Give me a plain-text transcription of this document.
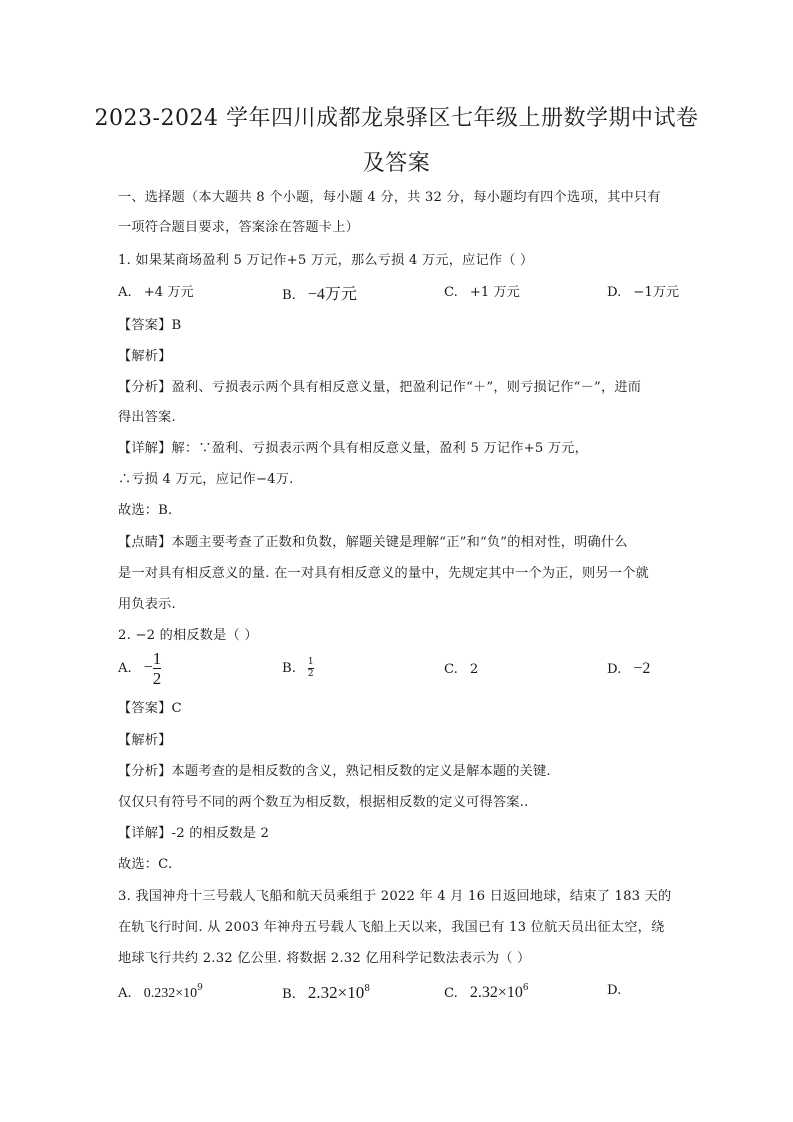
2023-2024 学年四川成都龙泉驿区七年级上册数学期中试卷
及答案
一、选择题（本大题共 8 个小题，每小题 4 分，共 32 分，每小题均有四个选项，其中只有
一项符合题目要求，答案涂在答题卡上）
1. 如果某商场盈利 5 万记作+5 万元，那么亏损 4 万元，应记作（ ）
A. +4 万元	B. −4万元	C. +1 万元	D. −1万元
【答案】B
【解析】
【分析】盈利、亏损表示两个具有相反意义量，把盈利记作“＋”，则亏损记作“－”，进而
得出答案.
【详解】解：∵盈利、亏损表示两个具有相反意义量，盈利 5 万记作+5 万元，
∴亏损 4 万元，应记作−4万.
故选：B.
【点睛】本题主要考查了正数和负数，解题关键是理解“正”和“负”的相对性，明确什么
是一对具有相反意义的量. 在一对具有相反意义的量中，先规定其中一个为正，则另一个就
用负表示.
2. −2 的相反数是（ ）
A. − $\frac{1}{2}$	B. $\frac{1}{2}$	C. 2	D. −2
【答案】C
【解析】
【分析】本题考查的是相反数的含义，熟记相反数的定义是解本题的关键.
仅仅只有符号不同的两个数互为相反数，根据相反数的定义可得答案..
【详解】-2 的相反数是 2
故选：C.
3. 我国神舟十三号载人飞船和航天员乘组于 2022 年 4 月 16 日返回地球，结束了 183 天的
在轨飞行时间. 从 2003 年神舟五号载人飞船上天以来，我国已有 13 位航天员出征太空，绕
地球飞行共约 2.32 亿公里. 将数据 2.32 亿用科学记数法表示为（ ）
A. $0.232\times 10^9$	B. $2.32\times 10^8$	C. $2.32\times 10^6$	D.
